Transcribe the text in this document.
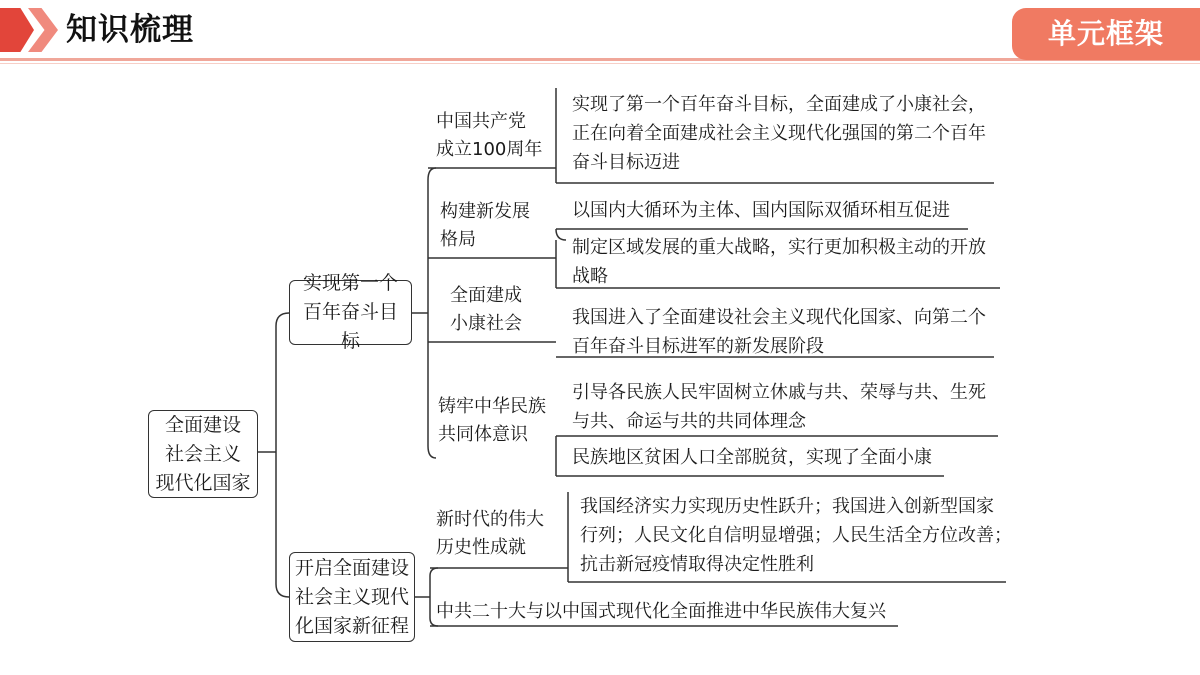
知识梳理	单元框架
全面建设
社会主义
现代化国家
实现第一个
百年奋斗目标
开启全面建设
社会主义现代
化国家新征程
中国共产党
成立100周年
构建新发展
格局
全面建成
小康社会
铸牢中华民族
共同体意识
新时代的伟大
历史性成就
实现了第一个百年奋斗目标，全面建成了小康社会，
正在向着全面建成社会主义现代化强国的第二个百年
奋斗目标迈进
以国内大循环为主体、国内国际双循环相互促进
制定区域发展的重大战略，实行更加积极主动的开放
战略
我国进入了全面建设社会主义现代化国家、向第二个
百年奋斗目标进军的新发展阶段
引导各民族人民牢固树立休戚与共、荣辱与共、生死
与共、命运与共的共同体理念
民族地区贫困人口全部脱贫，实现了全面小康
我国经济实力实现历史性跃升；我国进入创新型国家
行列；人民文化自信明显增强；人民生活全方位改善；
抗击新冠疫情取得决定性胜利
中共二十大与以中国式现代化全面推进中华民族伟大复兴
